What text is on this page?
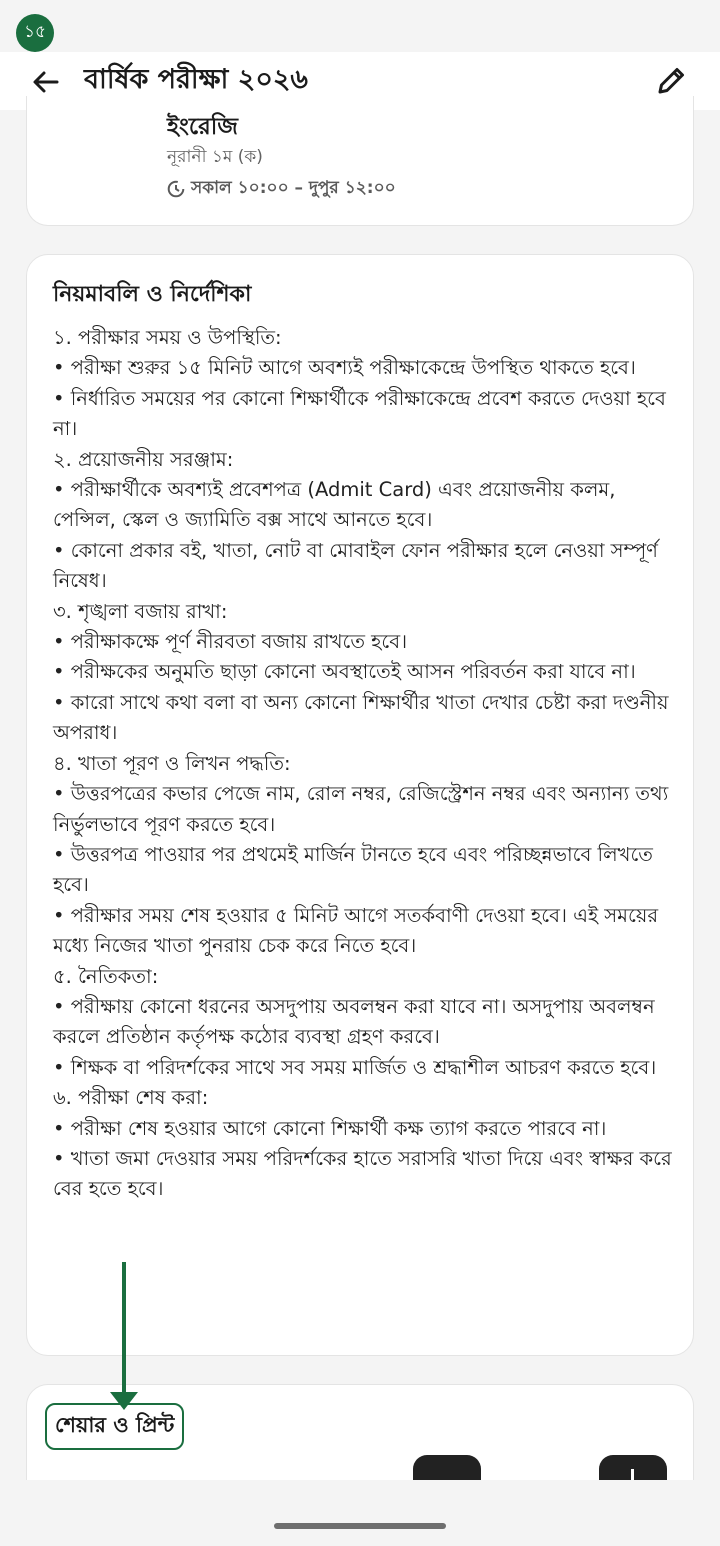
১৫
বার্ষিক পরীক্ষা ২০২৬
ইংরেজি
নূরানী ১ম (ক)
সকাল ১০:০০ – দুপুর ১২:০০
নিয়মাবলি ও নির্দেশিকা
১. পরীক্ষার সময় ও উপস্থিতি:
• পরীক্ষা শুরুর ১৫ মিনিট আগে অবশ্যই পরীক্ষাকেন্দ্রে উপস্থিত থাকতে হবে।
• নির্ধারিত সময়ের পর কোনো শিক্ষার্থীকে পরীক্ষাকেন্দ্রে প্রবেশ করতে দেওয়া হবে না।
২. প্রয়োজনীয় সরঞ্জাম:
• পরীক্ষার্থীকে অবশ্যই প্রবেশপত্র (Admit Card) এবং প্রয়োজনীয় কলম, পেন্সিল, স্কেল ও জ্যামিতি বক্স সাথে আনতে হবে।
• কোনো প্রকার বই, খাতা, নোট বা মোবাইল ফোন পরীক্ষার হলে নেওয়া সম্পূর্ণ নিষেধ।
৩. শৃঙ্খলা বজায় রাখা:
• পরীক্ষাকক্ষে পূর্ণ নীরবতা বজায় রাখতে হবে।
• পরীক্ষকের অনুমতি ছাড়া কোনো অবস্থাতেই আসন পরিবর্তন করা যাবে না।
• কারো সাথে কথা বলা বা অন্য কোনো শিক্ষার্থীর খাতা দেখার চেষ্টা করা দণ্ডনীয় অপরাধ।
৪. খাতা পূরণ ও লিখন পদ্ধতি:
• উত্তরপত্রের কভার পেজে নাম, রোল নম্বর, রেজিস্ট্রেশন নম্বর এবং অন্যান্য তথ্য নির্ভুলভাবে পূরণ করতে হবে।
• উত্তরপত্র পাওয়ার পর প্রথমেই মার্জিন টানতে হবে এবং পরিচ্ছন্নভাবে লিখতে হবে।
• পরীক্ষার সময় শেষ হওয়ার ৫ মিনিট আগে সতর্কবাণী দেওয়া হবে। এই সময়ের মধ্যে নিজের খাতা পুনরায় চেক করে নিতে হবে।
৫. নৈতিকতা:
• পরীক্ষায় কোনো ধরনের অসদুপায় অবলম্বন করা যাবে না। অসদুপায় অবলম্বন করলে প্রতিষ্ঠান কর্তৃপক্ষ কঠোর ব্যবস্থা গ্রহণ করবে।
• শিক্ষক বা পরিদর্শকের সাথে সব সময় মার্জিত ও শ্রদ্ধাশীল আচরণ করতে হবে।
৬. পরীক্ষা শেষ করা:
• পরীক্ষা শেষ হওয়ার আগে কোনো শিক্ষার্থী কক্ষ ত্যাগ করতে পারবে না।
• খাতা জমা দেওয়ার সময় পরিদর্শকের হাতে সরাসরি খাতা দিয়ে এবং স্বাক্ষর করে বের হতে হবে।
শেয়ার ও প্রিন্ট
